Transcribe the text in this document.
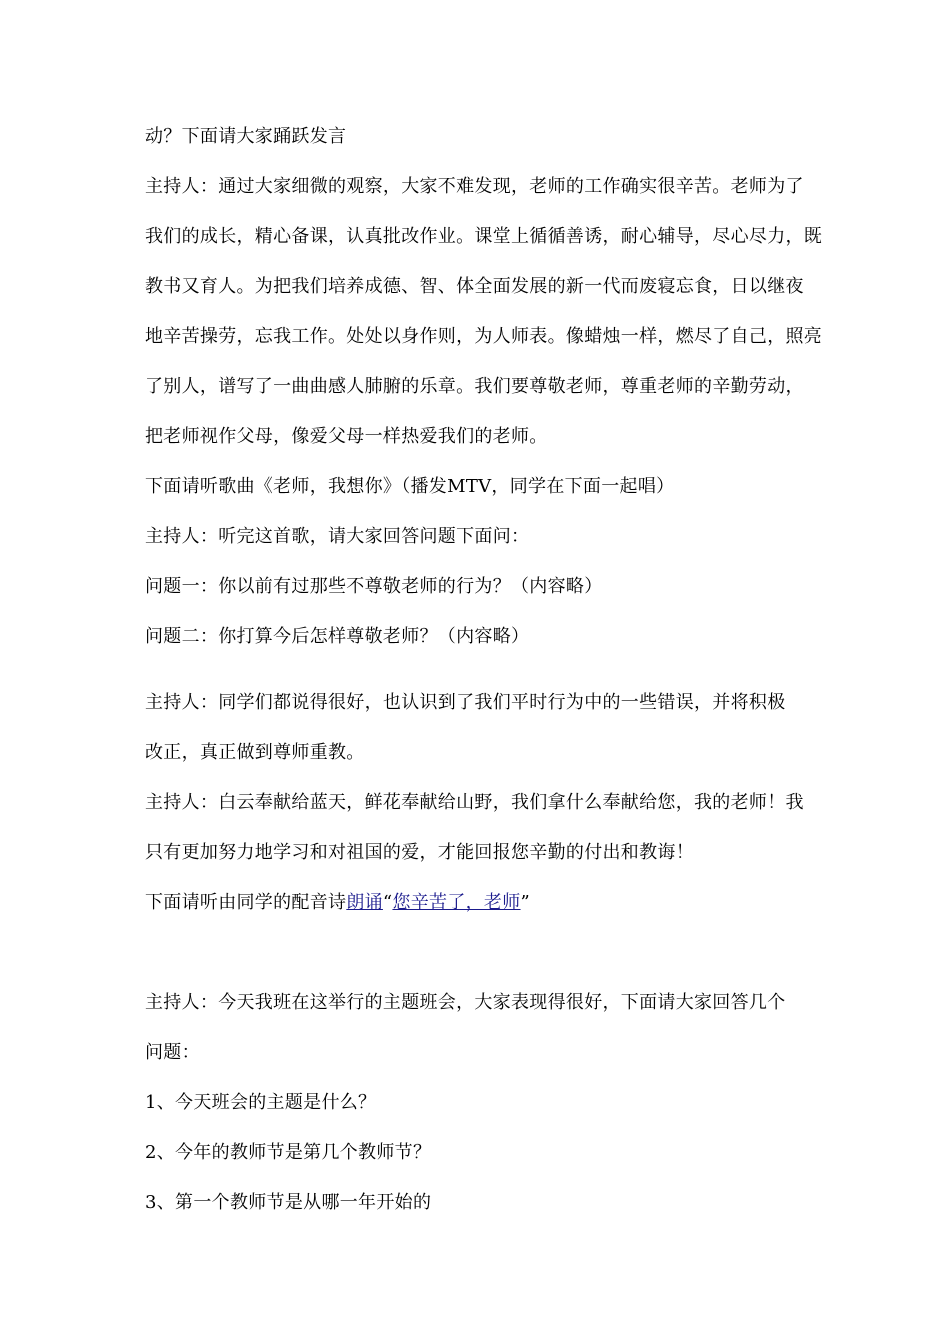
动？下面请大家踊跃发言
主持人：通过大家细微的观察，大家不难发现，老师的工作确实很辛苦。老师为了
我们的成长，精心备课，认真批改作业。课堂上循循善诱，耐心辅导，尽心尽力，既
教书又育人。为把我们培养成德、智、体全面发展的新一代而废寝忘食，日以继夜
地辛苦操劳，忘我工作。处处以身作则，为人师表。像蜡烛一样，燃尽了自己，照亮
了别人，谱写了一曲曲感人肺腑的乐章。我们要尊敬老师，尊重老师的辛勤劳动，
把老师视作父母，像爱父母一样热爱我们的老师。
下面请听歌曲《老师，我想你》（播发MTV，同学在下面一起唱）
主持人：听完这首歌，请大家回答问题下面问：
问题一：你以前有过那些不尊敬老师的行为？（内容略）
问题二：你打算今后怎样尊敬老师？（内容略）
主持人：同学们都说得很好，也认识到了我们平时行为中的一些错误，并将积极
改正，真正做到尊师重教。
主持人：白云奉献给蓝天，鲜花奉献给山野，我们拿什么奉献给您，我的老师！我
只有更加努力地学习和对祖国的爱，才能回报您辛勤的付出和教诲！
下面请听由同学的配音诗朗诵“您辛苦了，老师”
主持人：今天我班在这举行的主题班会，大家表现得很好，下面请大家回答几个
问题：
1、今天班会的主题是什么？
2、今年的教师节是第几个教师节？
3、第一个教师节是从哪一年开始的
